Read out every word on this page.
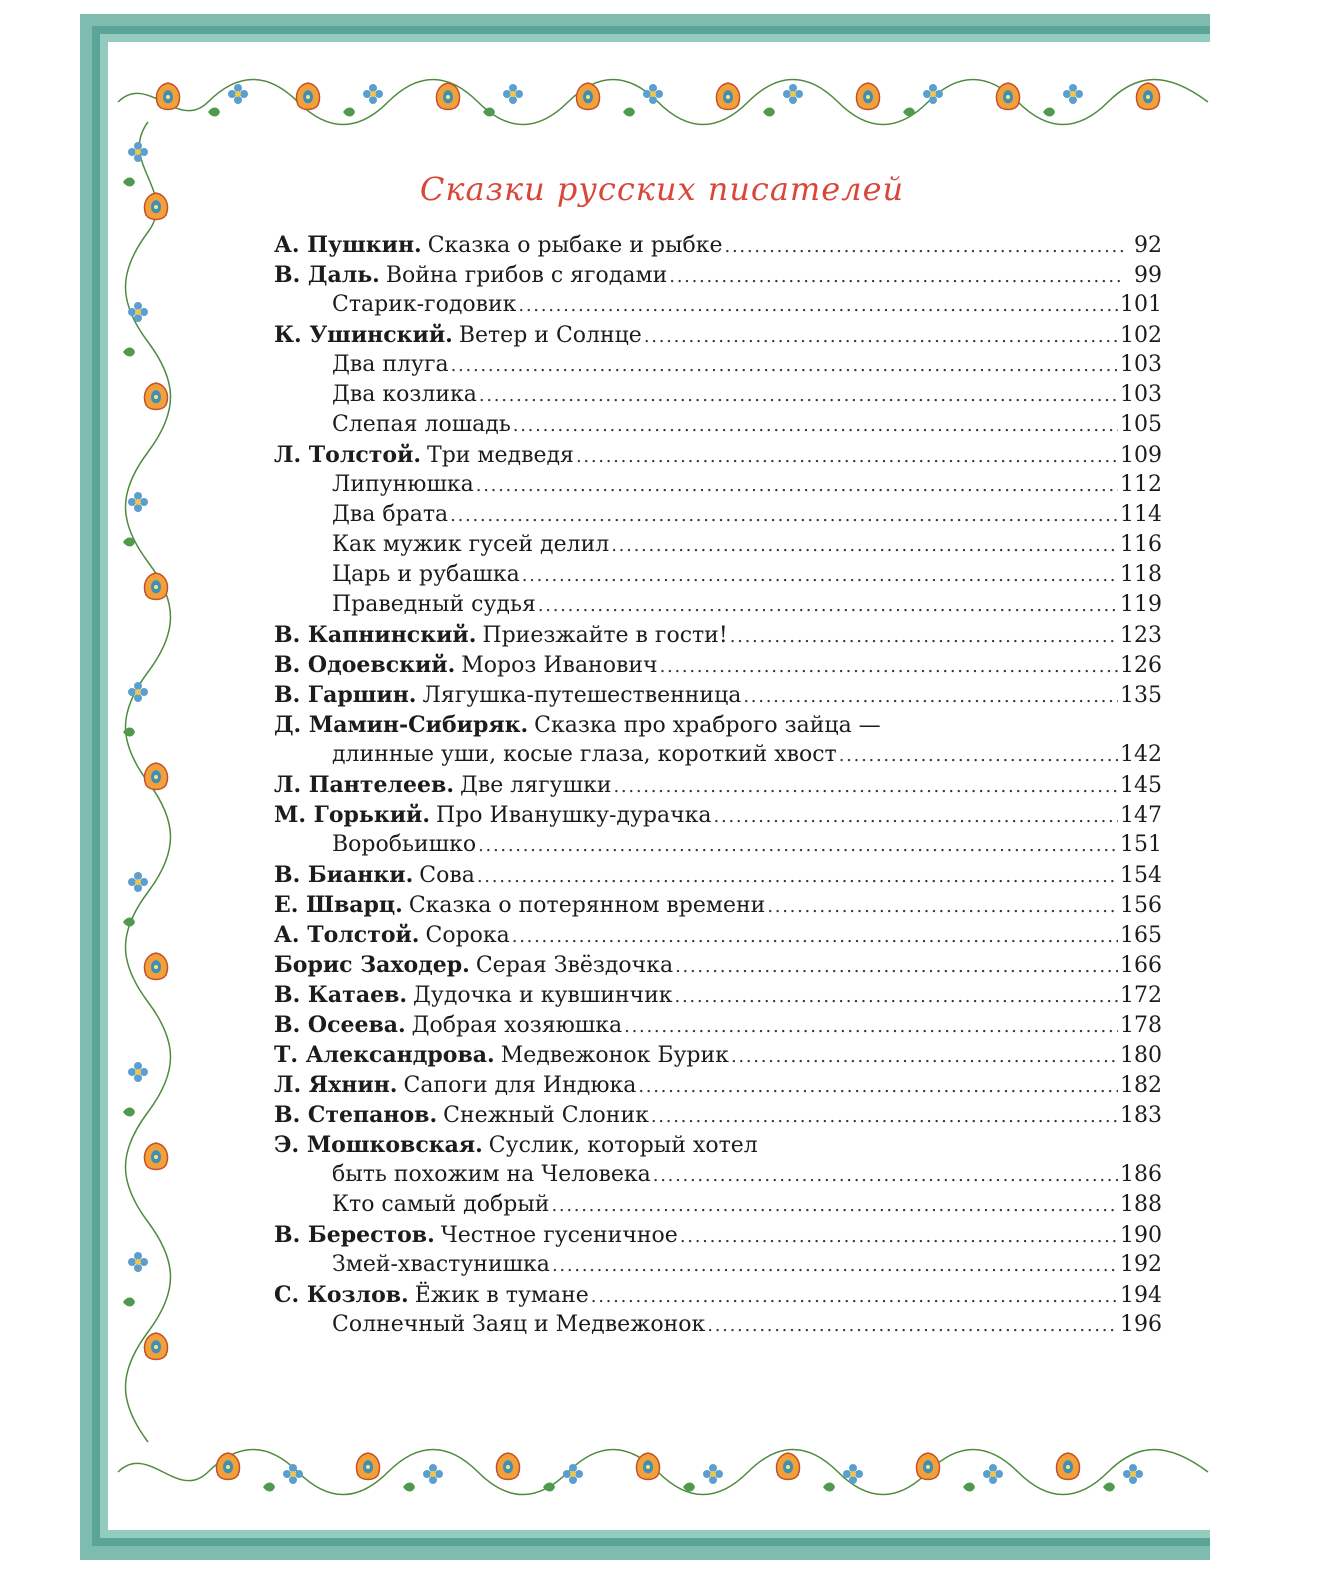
Сказки русских писателей
А. Пушкин. Сказка о рыбаке и рыбке . . .	92
В. Даль. Война грибов с ягодами . . .	99
Старик-годовик . . .	101
К. Ушинский. Ветер и Солнце . . .	102
Два плуга . . .	103
Два козлика . . .	103
Слепая лошадь . . .	105
Л. Толстой. Три медведя . . .	109
Липунюшка . . .	112
Два брата . . .	114
Как мужик гусей делил . . .	116
Царь и рубашка . . .	118
Праведный судья . . .	119
В. Капнинский. Приезжайте в гости! . . .	123
В. Одоевский. Мороз Иванович . . .	126
В. Гаршин. Лягушка-путешественница . . .	135
Д. Мамин-Сибиряк. Сказка про храброго зайца —
длинные уши, косые глаза, короткий хвост . . .	142
Л. Пантелеев. Две лягушки . . .	145
М. Горький. Про Иванушку-дурачка . . .	147
Воробьишко . . .	151
В. Бианки. Сова . . .	154
Е. Шварц. Сказка о потерянном времени . . .	156
А. Толстой. Сорока . . .	165
Борис Заходер. Серая Звёздочка . . .	166
В. Катаев. Дудочка и кувшинчик . . .	172
В. Осеева. Добрая хозяюшка . . .	178
Т. Александрова. Медвежонок Бурик . . .	180
Л. Яхнин. Сапоги для Индюка . . .	182
В. Степанов. Снежный Слоник . . .	183
Э. Мошковская. Суслик, который хотел
быть похожим на Человека . . .	186
Кто самый добрый . . .	188
В. Берестов. Честное гусеничное . . .	190
Змей-хвастунишка . . .	192
С. Козлов. Ёжик в тумане . . .	194
Солнечный Заяц и Медвежонок . . .	196
